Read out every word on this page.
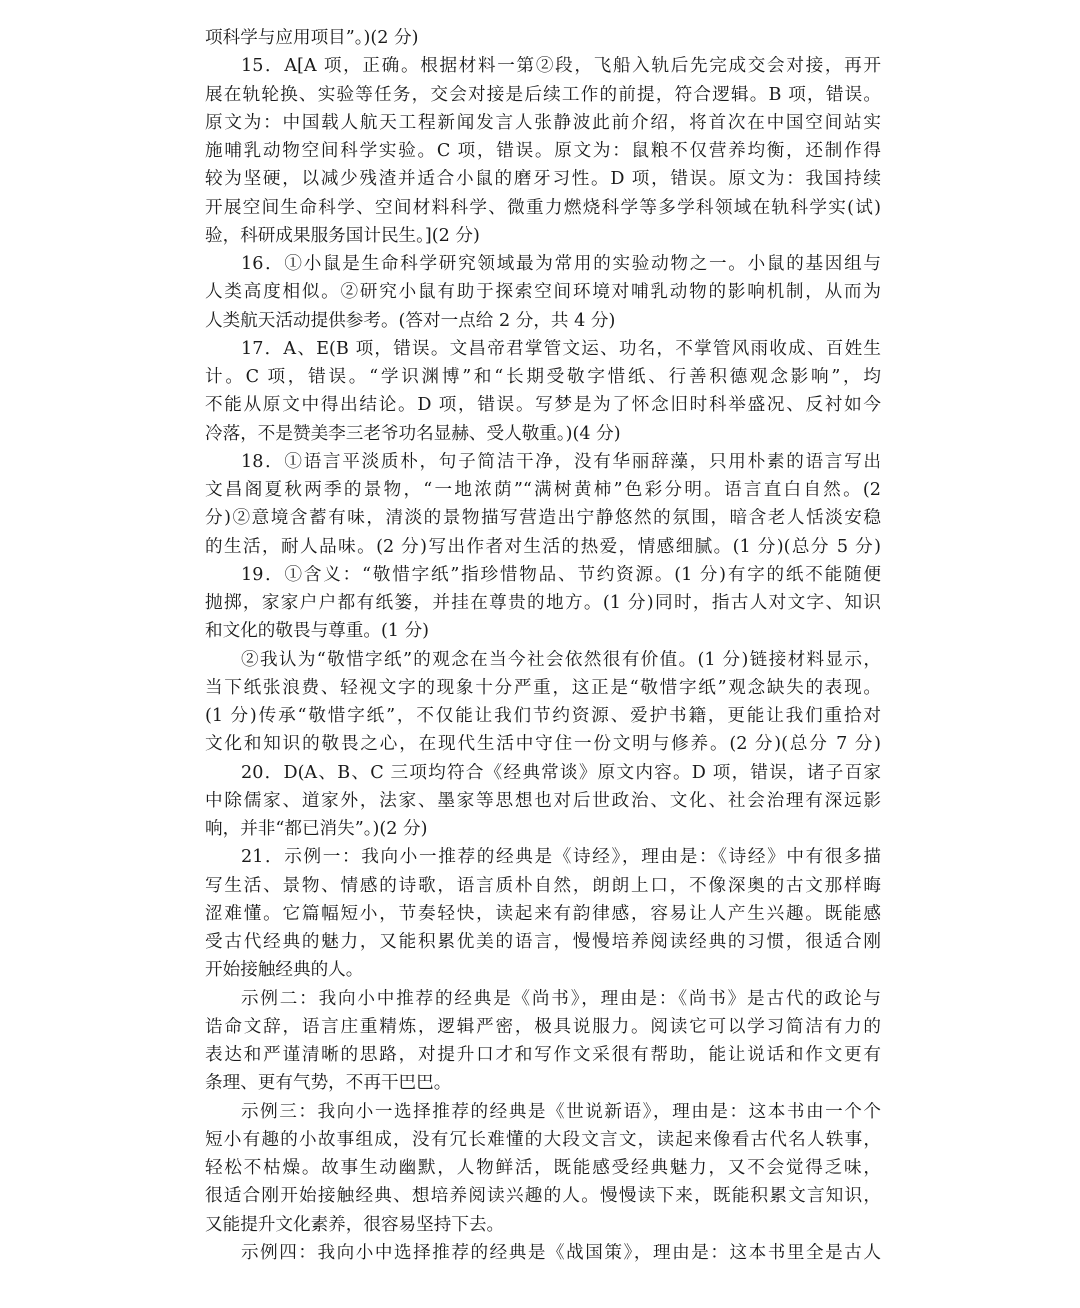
项科学与应用项目”。)(2 分)
15．A[A 项，正确。根据材料一第②段，飞船入轨后先完成交会对接，再开
展在轨轮换、实验等任务，交会对接是后续工作的前提，符合逻辑。B 项，错误。
原文为：中国载人航天工程新闻发言人张静波此前介绍，将首次在中国空间站实
施哺乳动物空间科学实验。C 项，错误。原文为：鼠粮不仅营养均衡，还制作得
较为坚硬，以减少残渣并适合小鼠的磨牙习性。D 项，错误。原文为：我国持续
开展空间生命科学、空间材料科学、微重力燃烧科学等多学科领域在轨科学实(试)
验，科研成果服务国计民生。](2 分)
16．①小鼠是生命科学研究领域最为常用的实验动物之一。小鼠的基因组与
人类高度相似。②研究小鼠有助于探索空间环境对哺乳动物的影响机制，从而为
人类航天活动提供参考。(答对一点给 2 分，共 4 分)
17．A、E(B 项，错误。文昌帝君掌管文运、功名，不掌管风雨收成、百姓生
计。C 项，错误。“学识渊博”和“长期受敬字惜纸、行善积德观念影响”，均
不能从原文中得出结论。D 项，错误。写梦是为了怀念旧时科举盛况、反衬如今
冷落，不是赞美李三老爷功名显赫、受人敬重。)(4 分)
18．①语言平淡质朴，句子简洁干净，没有华丽辞藻，只用朴素的语言写出
文昌阁夏秋两季的景物，“一地浓荫”“满树黄柿”色彩分明。语言直白自然。(2
分)②意境含蓄有味，清淡的景物描写营造出宁静悠然的氛围，暗含老人恬淡安稳
的生活，耐人品味。(2 分)写出作者对生活的热爱，情感细腻。(1 分)(总分 5 分)
19．①含义：“敬惜字纸”指珍惜物品、节约资源。(1 分)有字的纸不能随便
抛掷，家家户户都有纸篓，并挂在尊贵的地方。(1 分)同时，指古人对文字、知识
和文化的敬畏与尊重。(1 分)
②我认为“敬惜字纸”的观念在当今社会依然很有价值。(1 分)链接材料显示，
当下纸张浪费、轻视文字的现象十分严重，这正是“敬惜字纸”观念缺失的表现。
(1 分)传承“敬惜字纸”，不仅能让我们节约资源、爱护书籍，更能让我们重拾对
文化和知识的敬畏之心，在现代生活中守住一份文明与修养。(2 分)(总分 7 分)
20．D(A、B、C 三项均符合《经典常谈》原文内容。D 项，错误，诸子百家
中除儒家、道家外，法家、墨家等思想也对后世政治、文化、社会治理有深远影
响，并非“都已消失”。)(2 分)
21．示例一：我向小一推荐的经典是《诗经》，理由是：《诗经》中有很多描
写生活、景物、情感的诗歌，语言质朴自然，朗朗上口，不像深奥的古文那样晦
涩难懂。它篇幅短小，节奏轻快，读起来有韵律感，容易让人产生兴趣。既能感
受古代经典的魅力，又能积累优美的语言，慢慢培养阅读经典的习惯，很适合刚
开始接触经典的人。
示例二：我向小中推荐的经典是《尚书》，理由是：《尚书》是古代的政论与
诰命文辞，语言庄重精炼，逻辑严密，极具说服力。阅读它可以学习简洁有力的
表达和严谨清晰的思路，对提升口才和写作文采很有帮助，能让说话和作文更有
条理、更有气势，不再干巴巴。
示例三：我向小一选择推荐的经典是《世说新语》，理由是：这本书由一个个
短小有趣的小故事组成，没有冗长难懂的大段文言文，读起来像看古代名人轶事，
轻松不枯燥。故事生动幽默，人物鲜活，既能感受经典魅力，又不会觉得乏味，
很适合刚开始接触经典、想培养阅读兴趣的人。慢慢读下来，既能积累文言知识，
又能提升文化素养，很容易坚持下去。
示例四：我向小中选择推荐的经典是《战国策》，理由是：这本书里全是古人
